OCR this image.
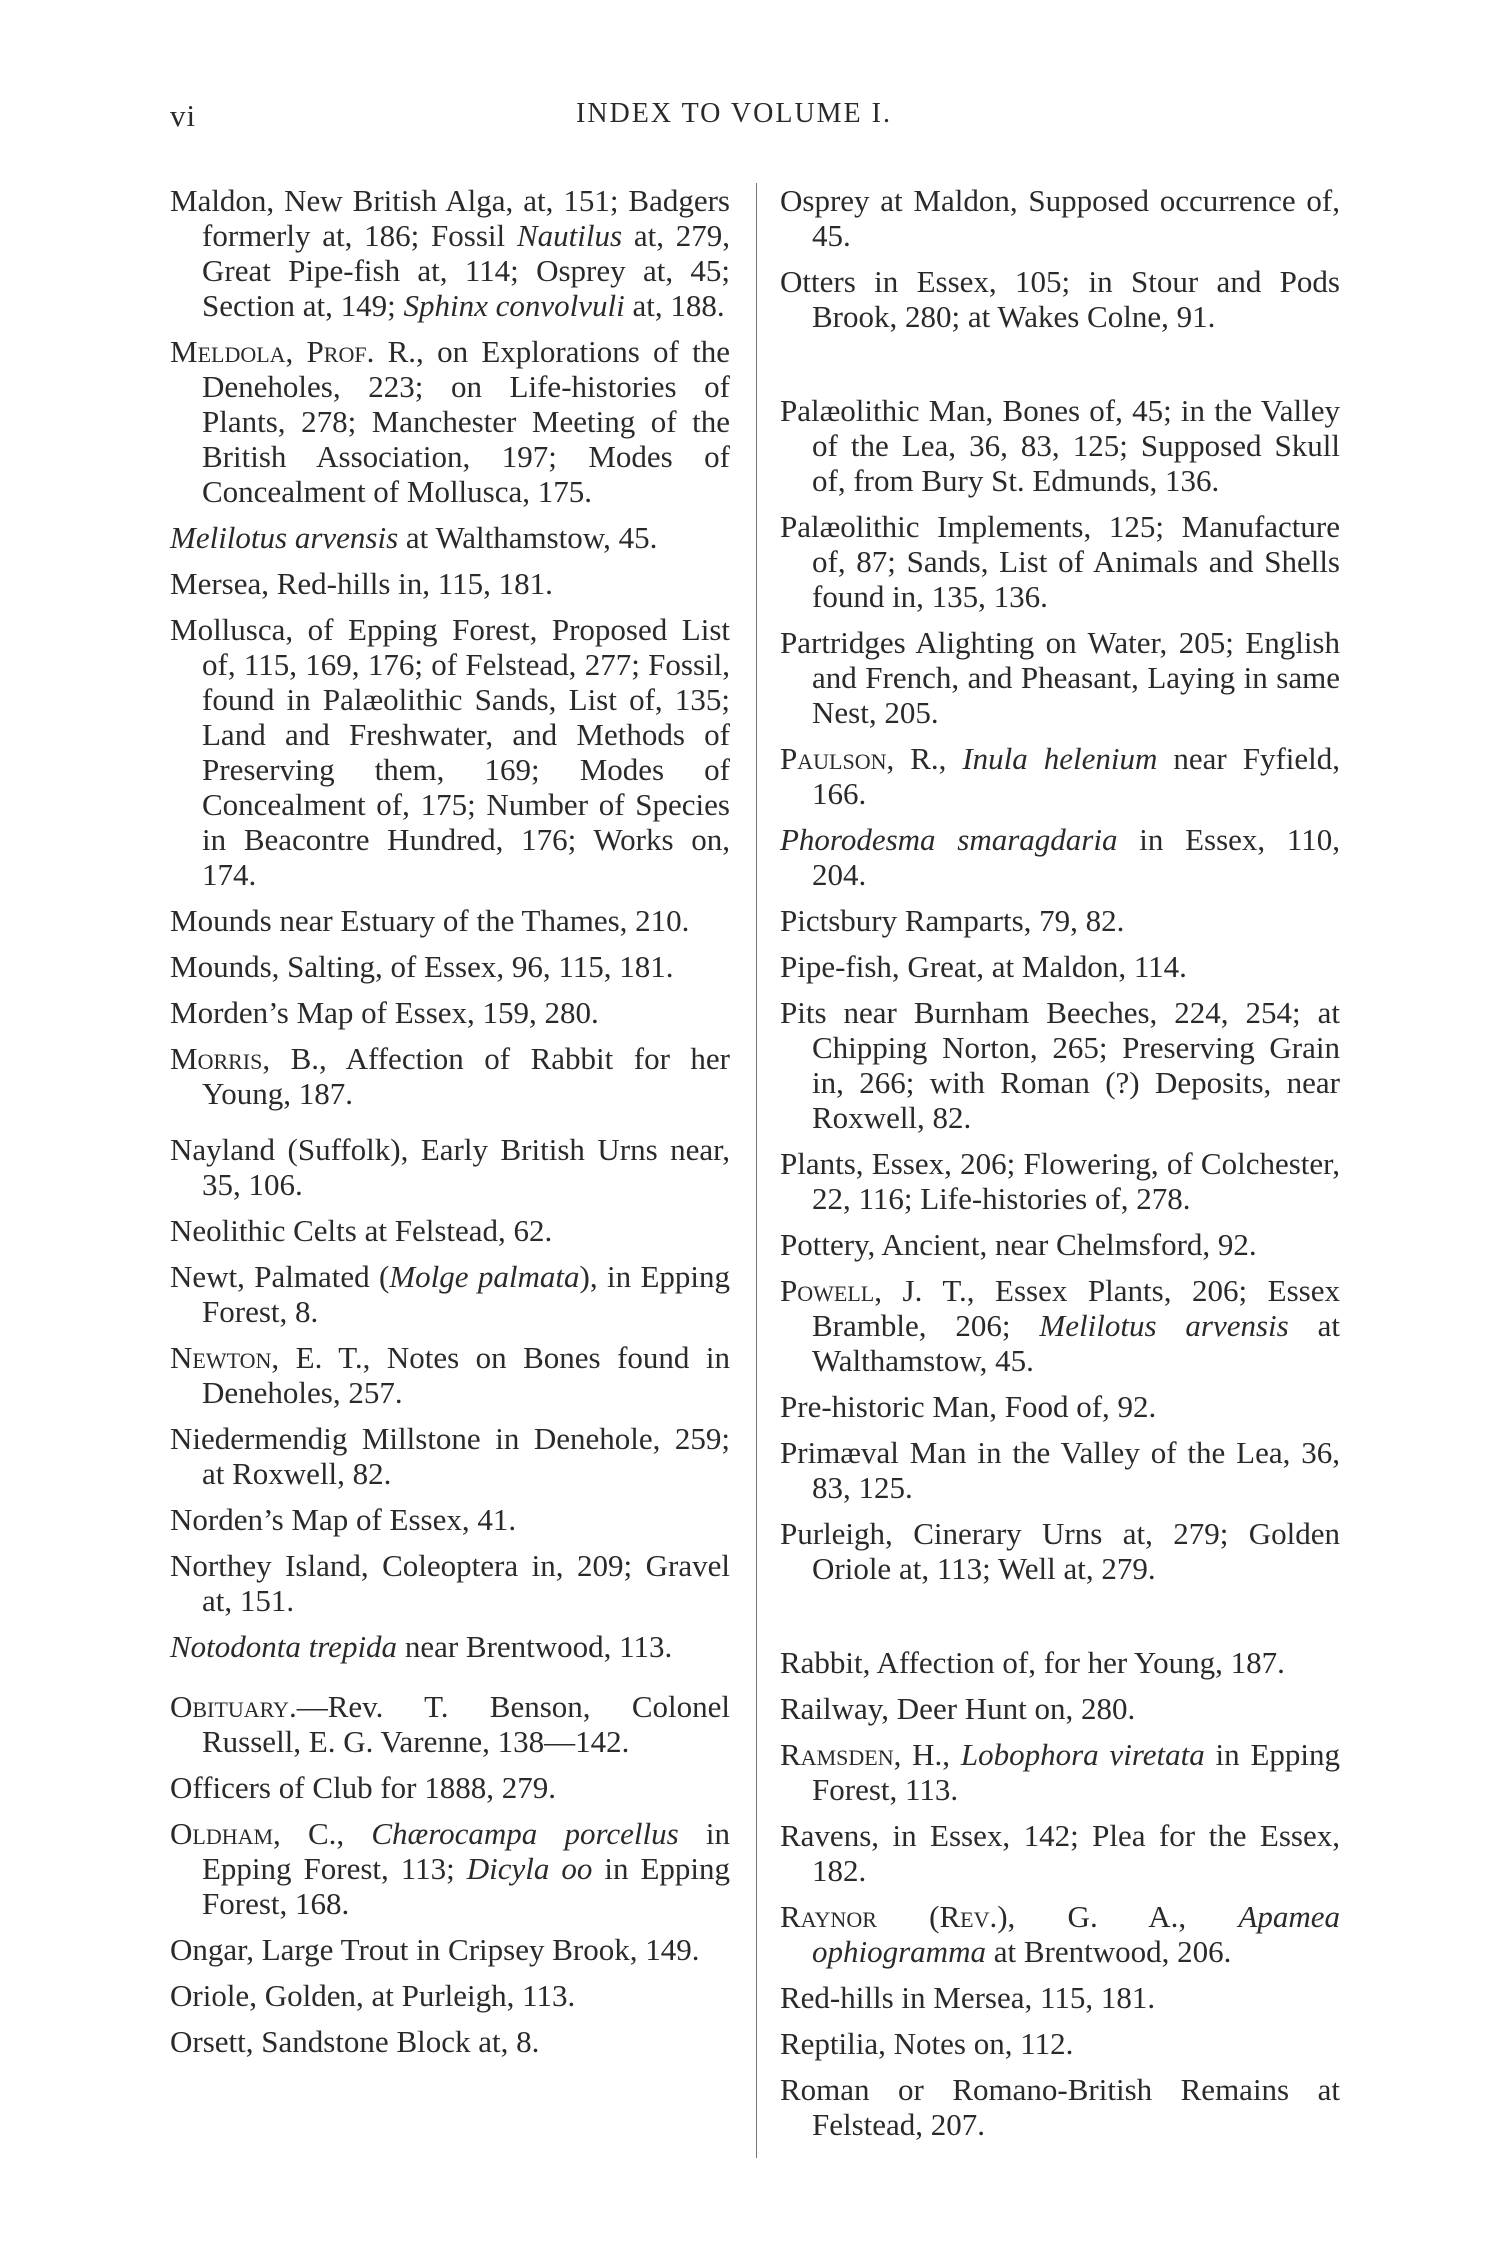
vi	INDEX TO VOLUME I.

Maldon, New British Alga, at, 151; Badgers formerly at, 186; Fossil Nautilus at, 279, Great Pipe-fish at, 114; Osprey at, 45; Section at, 149; Sphinx convolvuli at, 188.

Meldola, Prof. R., on Explorations of the Deneholes, 223; on Life-histories of Plants, 278; Manchester Meeting of the British Association, 197; Modes of Concealment of Mollusca, 175.

Melilotus arvensis at Walthamstow, 45.

Mersea, Red-hills in, 115, 181.

Mollusca, of Epping Forest, Proposed List of, 115, 169, 176; of Felstead, 277; Fossil, found in Palæolithic Sands, List of, 135; Land and Freshwater, and Methods of Preserving them, 169; Modes of Concealment of, 175; Number of Species in Beacontre Hundred, 176; Works on, 174.

Mounds near Estuary of the Thames, 210.

Mounds, Salting, of Essex, 96, 115, 181.

Morden’s Map of Essex, 159, 280.

Morris, B., Affection of Rabbit for her Young, 187.

Nayland (Suffolk), Early British Urns near, 35, 106.

Neolithic Celts at Felstead, 62.

Newt, Palmated (Molge palmata), in Epping Forest, 8.

Newton, E. T., Notes on Bones found in Deneholes, 257.

Niedermendig Millstone in Denehole, 259; at Roxwell, 82.

Norden’s Map of Essex, 41.

Northey Island, Coleoptera in, 209; Gravel at, 151.

Notodonta trepida near Brentwood, 113.

Obituary.—Rev. T. Benson, Colonel Russell, E. G. Varenne, 138—142.

Officers of Club for 1888, 279.

Oldham, C., Chærocampa porcellus in Epping Forest, 113; Dicyla oo in Epping Forest, 168.

Ongar, Large Trout in Cripsey Brook, 149.

Oriole, Golden, at Purleigh, 113.

Orsett, Sandstone Block at, 8.

Osprey at Maldon, Supposed occurrence of, 45.

Otters in Essex, 105; in Stour and Pods Brook, 280; at Wakes Colne, 91.

Palæolithic Man, Bones of, 45; in the Valley of the Lea, 36, 83, 125; Supposed Skull of, from Bury St. Edmunds, 136.

Palæolithic Implements, 125; Manufacture of, 87; Sands, List of Animals and Shells found in, 135, 136.

Partridges Alighting on Water, 205; English and French, and Pheasant, Laying in same Nest, 205.

Paulson, R., Inula helenium near Fyfield, 166.

Phorodesma smaragdaria in Essex, 110, 204.

Pictsbury Ramparts, 79, 82.

Pipe-fish, Great, at Maldon, 114.

Pits near Burnham Beeches, 224, 254; at Chipping Norton, 265; Preserving Grain in, 266; with Roman (?) Deposits, near Roxwell, 82.

Plants, Essex, 206; Flowering, of Colchester, 22, 116; Life-histories of, 278.

Pottery, Ancient, near Chelmsford, 92.

Powell, J. T., Essex Plants, 206; Essex Bramble, 206; Melilotus arvensis at Walthamstow, 45.

Pre-historic Man, Food of, 92.

Primæval Man in the Valley of the Lea, 36, 83, 125.

Purleigh, Cinerary Urns at, 279; Golden Oriole at, 113; Well at, 279.

Rabbit, Affection of, for her Young, 187.

Railway, Deer Hunt on, 280.

Ramsden, H., Lobophora viretata in Epping Forest, 113.

Ravens, in Essex, 142; Plea for the Essex, 182.

Raynor (Rev.), G. A., Apamea ophiogramma at Brentwood, 206.

Red-hills in Mersea, 115, 181.

Reptilia, Notes on, 112.

Roman or Romano-British Remains at Felstead, 207.
